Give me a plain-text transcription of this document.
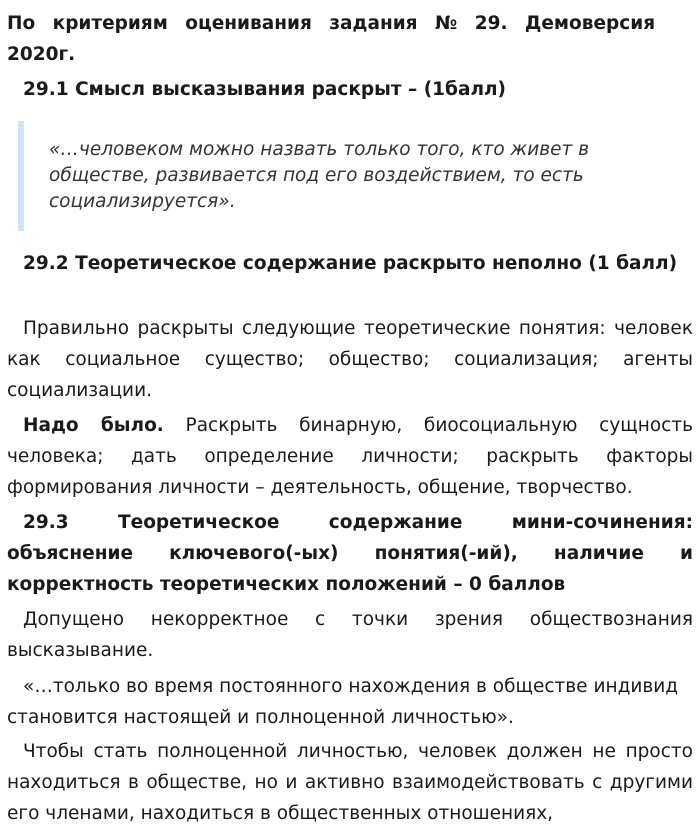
По критериям оценивания задания № 29. Демоверсия
2020г.

29.1 Смысл высказывания раскрыт – (1балл)

«…человеком можно назвать только того, кто живет в обществе, развивается под его воздействием, то есть социализируется».

29.2 Теоретическое содержание раскрыто неполно (1 балл)

Правильно раскрыты следующие теоретические понятия: человек как социальное существо; общество; социализация; агенты социализации.

Надо было. Раскрыть бинарную, биосоциальную сущность человека; дать определение личности; раскрыть факторы формирования личности – деятельность, общение, творчество.

29.3 Теоретическое содержание мини-сочинения: объяснение ключевого(-ых) понятия(-ий), наличие и корректность теоретических положений – 0 баллов

Допущено некорректное с точки зрения обществознания высказывание.

«…только во время постоянного нахождения в обществе индивид становится настоящей и полноценной личностью».

Чтобы стать полноценной личностью, человек должен не просто находиться в обществе, но и активно взаимодействовать с другими его членами, находиться в общественных отношениях,
